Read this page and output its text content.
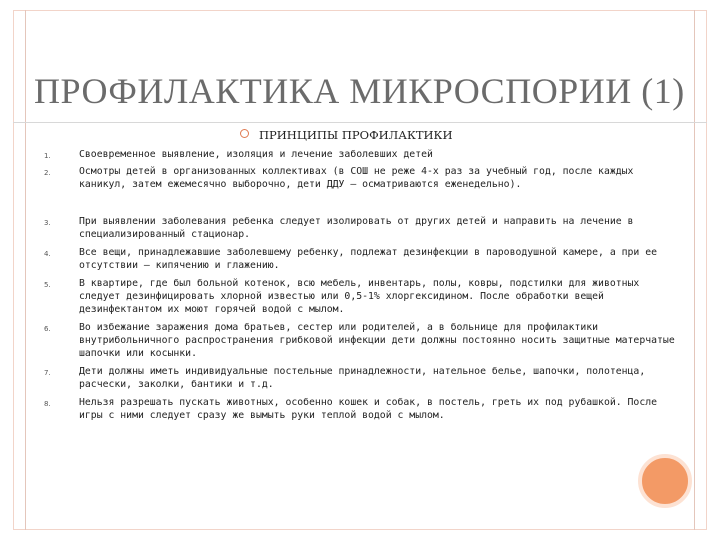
ПРОФИЛАКТИКА МИКРОСПОРИИ (1)
ПРИНЦИПЫ ПРОФИЛАКТИКИ
1.	Своевременное выявление, изоляция и лечение заболевших детей
2.	Осмотры детей в организованных коллективах (в СОШ не реже 4-х раз за учебный год, после каждых каникул, затем ежемесячно выборочно, дети ДДУ – осматриваются еженедельно).
3.	При выявлении заболевания ребенка следует изолировать от других детей и направить на лечение в специализированный стационар.
4.	Все вещи, принадлежавшие заболевшему ребенку, подлежат дезинфекции в пароводушной камере, а при ее отсутствии – кипячению и глажению.
5.	В квартире, где был больной котенок, всю мебель, инвентарь, полы, ковры, подстилки для животных следует дезинфицировать хлорной известью или 0,5-1% хлоргексидином. После обработки вещей дезинфектантом их моют горячей водой с мылом.
6.	Во избежание заражения дома братьев, сестер или родителей, а в больнице для профилактики внутрибольничного распространения грибковой инфекции дети должны постоянно носить защитные матерчатые шапочки или косынки.
7.	Дети должны иметь индивидуальные постельные принадлежности, нательное белье, шапочки, полотенца, расчески, заколки, бантики и т.д.
8.	Нельзя разрешать пускать животных, особенно кошек и собак, в постель, греть их под рубашкой. После игры с ними следует сразу же вымыть руки теплой водой с мылом.
